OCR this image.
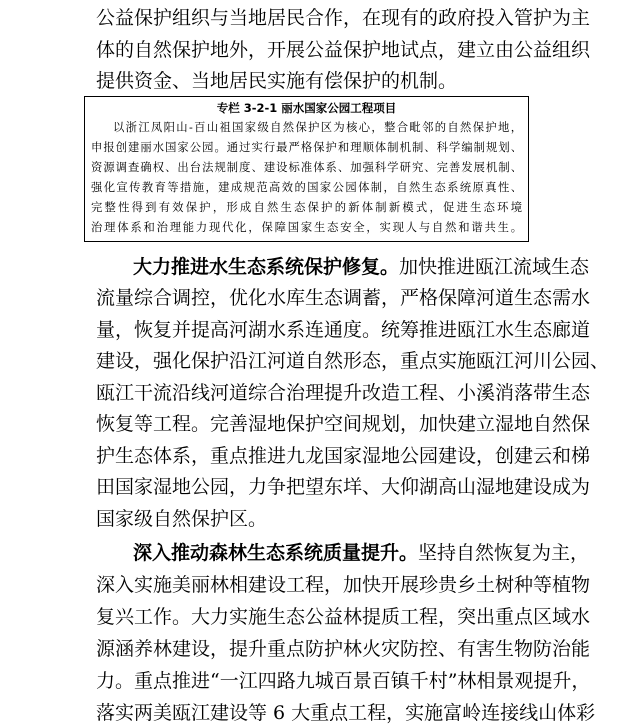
公益保护组织与当地居民合作，在现有的政府投入管护为主
体的自然保护地外，开展公益保护地试点，建立由公益组织
提供资金、当地居民实施有偿保护的机制。
专栏 3-2-1 丽水国家公园工程项目
以浙江凤阳山-百山祖国家级自然保护区为核心，整合毗邻的自然保护地，
申报创建丽水国家公园。通过实行最严格保护和理顺体制机制、科学编制规划、
资源调查确权、出台法规制度、建设标准体系、加强科学研究、完善发展机制、
强化宣传教育等措施，建成规范高效的国家公园体制，自然生态系统原真性、
完整性得到有效保护，形成自然生态保护的新体制新模式，促进生态环境
治理体系和治理能力现代化，保障国家生态安全，实现人与自然和谐共生。
大力推进水生态系统保护修复。加快推进瓯江流域生态
流量综合调控，优化水库生态调蓄，严格保障河道生态需水
量，恢复并提高河湖水系连通度。统筹推进瓯江水生态廊道
建设，强化保护沿江河道自然形态，重点实施瓯江河川公园、
瓯江干流沿线河道综合治理提升改造工程、小溪消落带生态
恢复等工程。完善湿地保护空间规划，加快建立湿地自然保
护生态体系，重点推进九龙国家湿地公园建设，创建云和梯
田国家湿地公园，力争把望东垟、大仰湖高山湿地建设成为
国家级自然保护区。
深入推动森林生态系统质量提升。坚持自然恢复为主，
深入实施美丽林相建设工程，加快开展珍贵乡土树种等植物
复兴工作。大力实施生态公益林提质工程，突出重点区域水
源涵养林建设，提升重点防护林火灾防控、有害生物防治能
力。重点推进“一江四路九城百景百镇千村”林相景观提升，
落实两美瓯江建设等 6 大重点工程，实施富岭连接线山体彩
